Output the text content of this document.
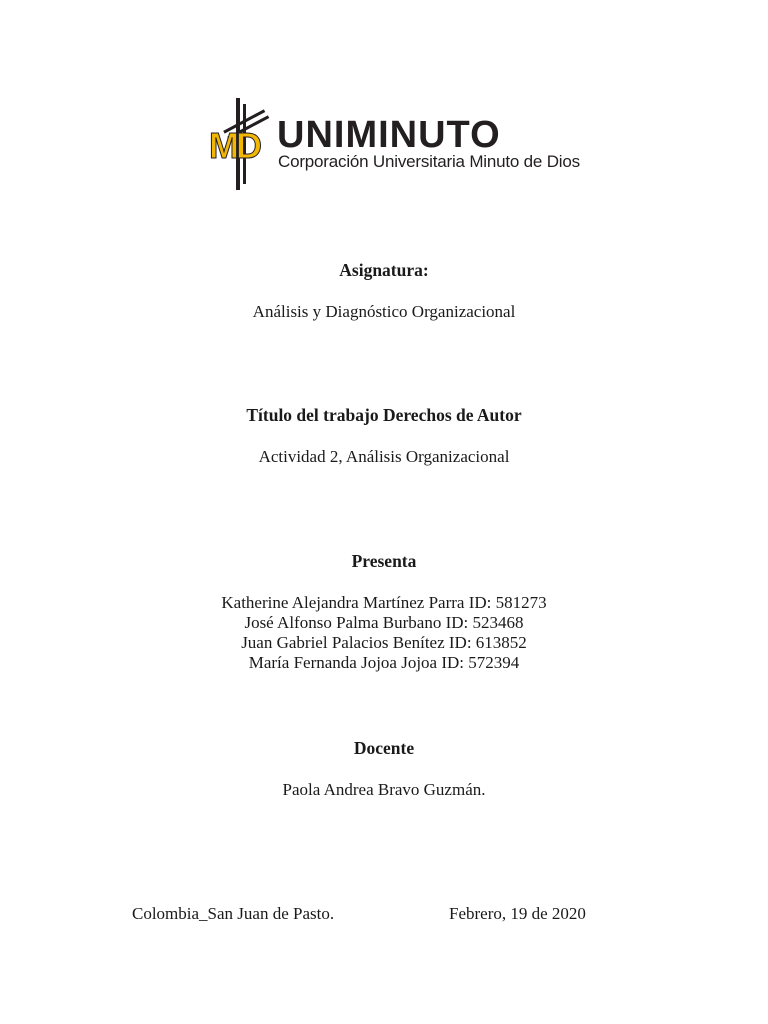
MD UNIMINUTO
Corporación Universitaria Minuto de Dios
Asignatura:
Análisis y Diagnóstico Organizacional
Título del trabajo Derechos de Autor
Actividad 2, Análisis Organizacional
Presenta
Katherine Alejandra Martínez Parra ID: 581273
José Alfonso Palma Burbano ID: 523468
Juan Gabriel Palacios Benítez ID: 613852
María Fernanda Jojoa Jojoa ID: 572394
Docente
Paola Andrea Bravo Guzmán.
Colombia_San Juan de Pasto.	Febrero, 19 de 2020
